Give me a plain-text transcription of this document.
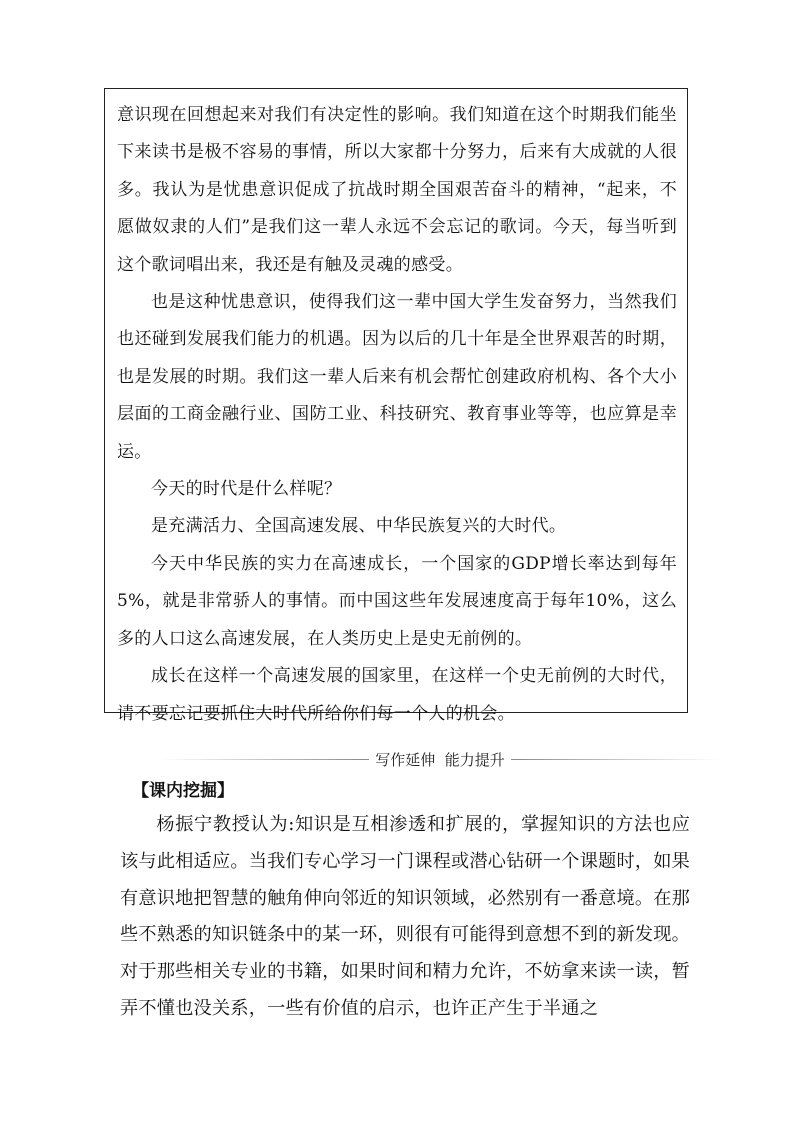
意识现在回想起来对我们有决定性的影响。我们知道在这个时期我们能坐下来读书是极不容易的事情，所以大家都十分努力，后来有大成就的人很多。我认为是忧患意识促成了抗战时期全国艰苦奋斗的精神，“起来，不愿做奴隶的人们”是我们这一辈人永远不会忘记的歌词。今天，每当听到这个歌词唱出来，我还是有触及灵魂的感受。

也是这种忧患意识，使得我们这一辈中国大学生发奋努力，当然我们也还碰到发展我们能力的机遇。因为以后的几十年是全世界艰苦的时期，也是发展的时期。我们这一辈人后来有机会帮忙创建政府机构、各个大小层面的工商金融行业、国防工业、科技研究、教育事业等等，也应算是幸运。

今天的时代是什么样呢？

是充满活力、全国高速发展、中华民族复兴的大时代。

今天中华民族的实力在高速成长，一个国家的GDP增长率达到每年5%，就是非常骄人的事情。而中国这些年发展速度高于每年10%，这么多的人口这么高速发展，在人类历史上是史无前例的。

成长在这样一个高速发展的国家里，在这样一个史无前例的大时代，请不要忘记要抓住大时代所给你们每一个人的机会。

写作延伸  能力提升
【课内挖掘】

杨振宁教授认为:知识是互相渗透和扩展的，掌握知识的方法也应该与此相适应。当我们专心学习一门课程或潜心钻研一个课题时，如果有意识地把智慧的触角伸向邻近的知识领域，必然别有一番意境。在那些不熟悉的知识链条中的某一环，则很有可能得到意想不到的新发现。对于那些相关专业的书籍，如果时间和精力允许，不妨拿来读一读，暂弄不懂也没关系，一些有价值的启示，也许正产生于半通之
